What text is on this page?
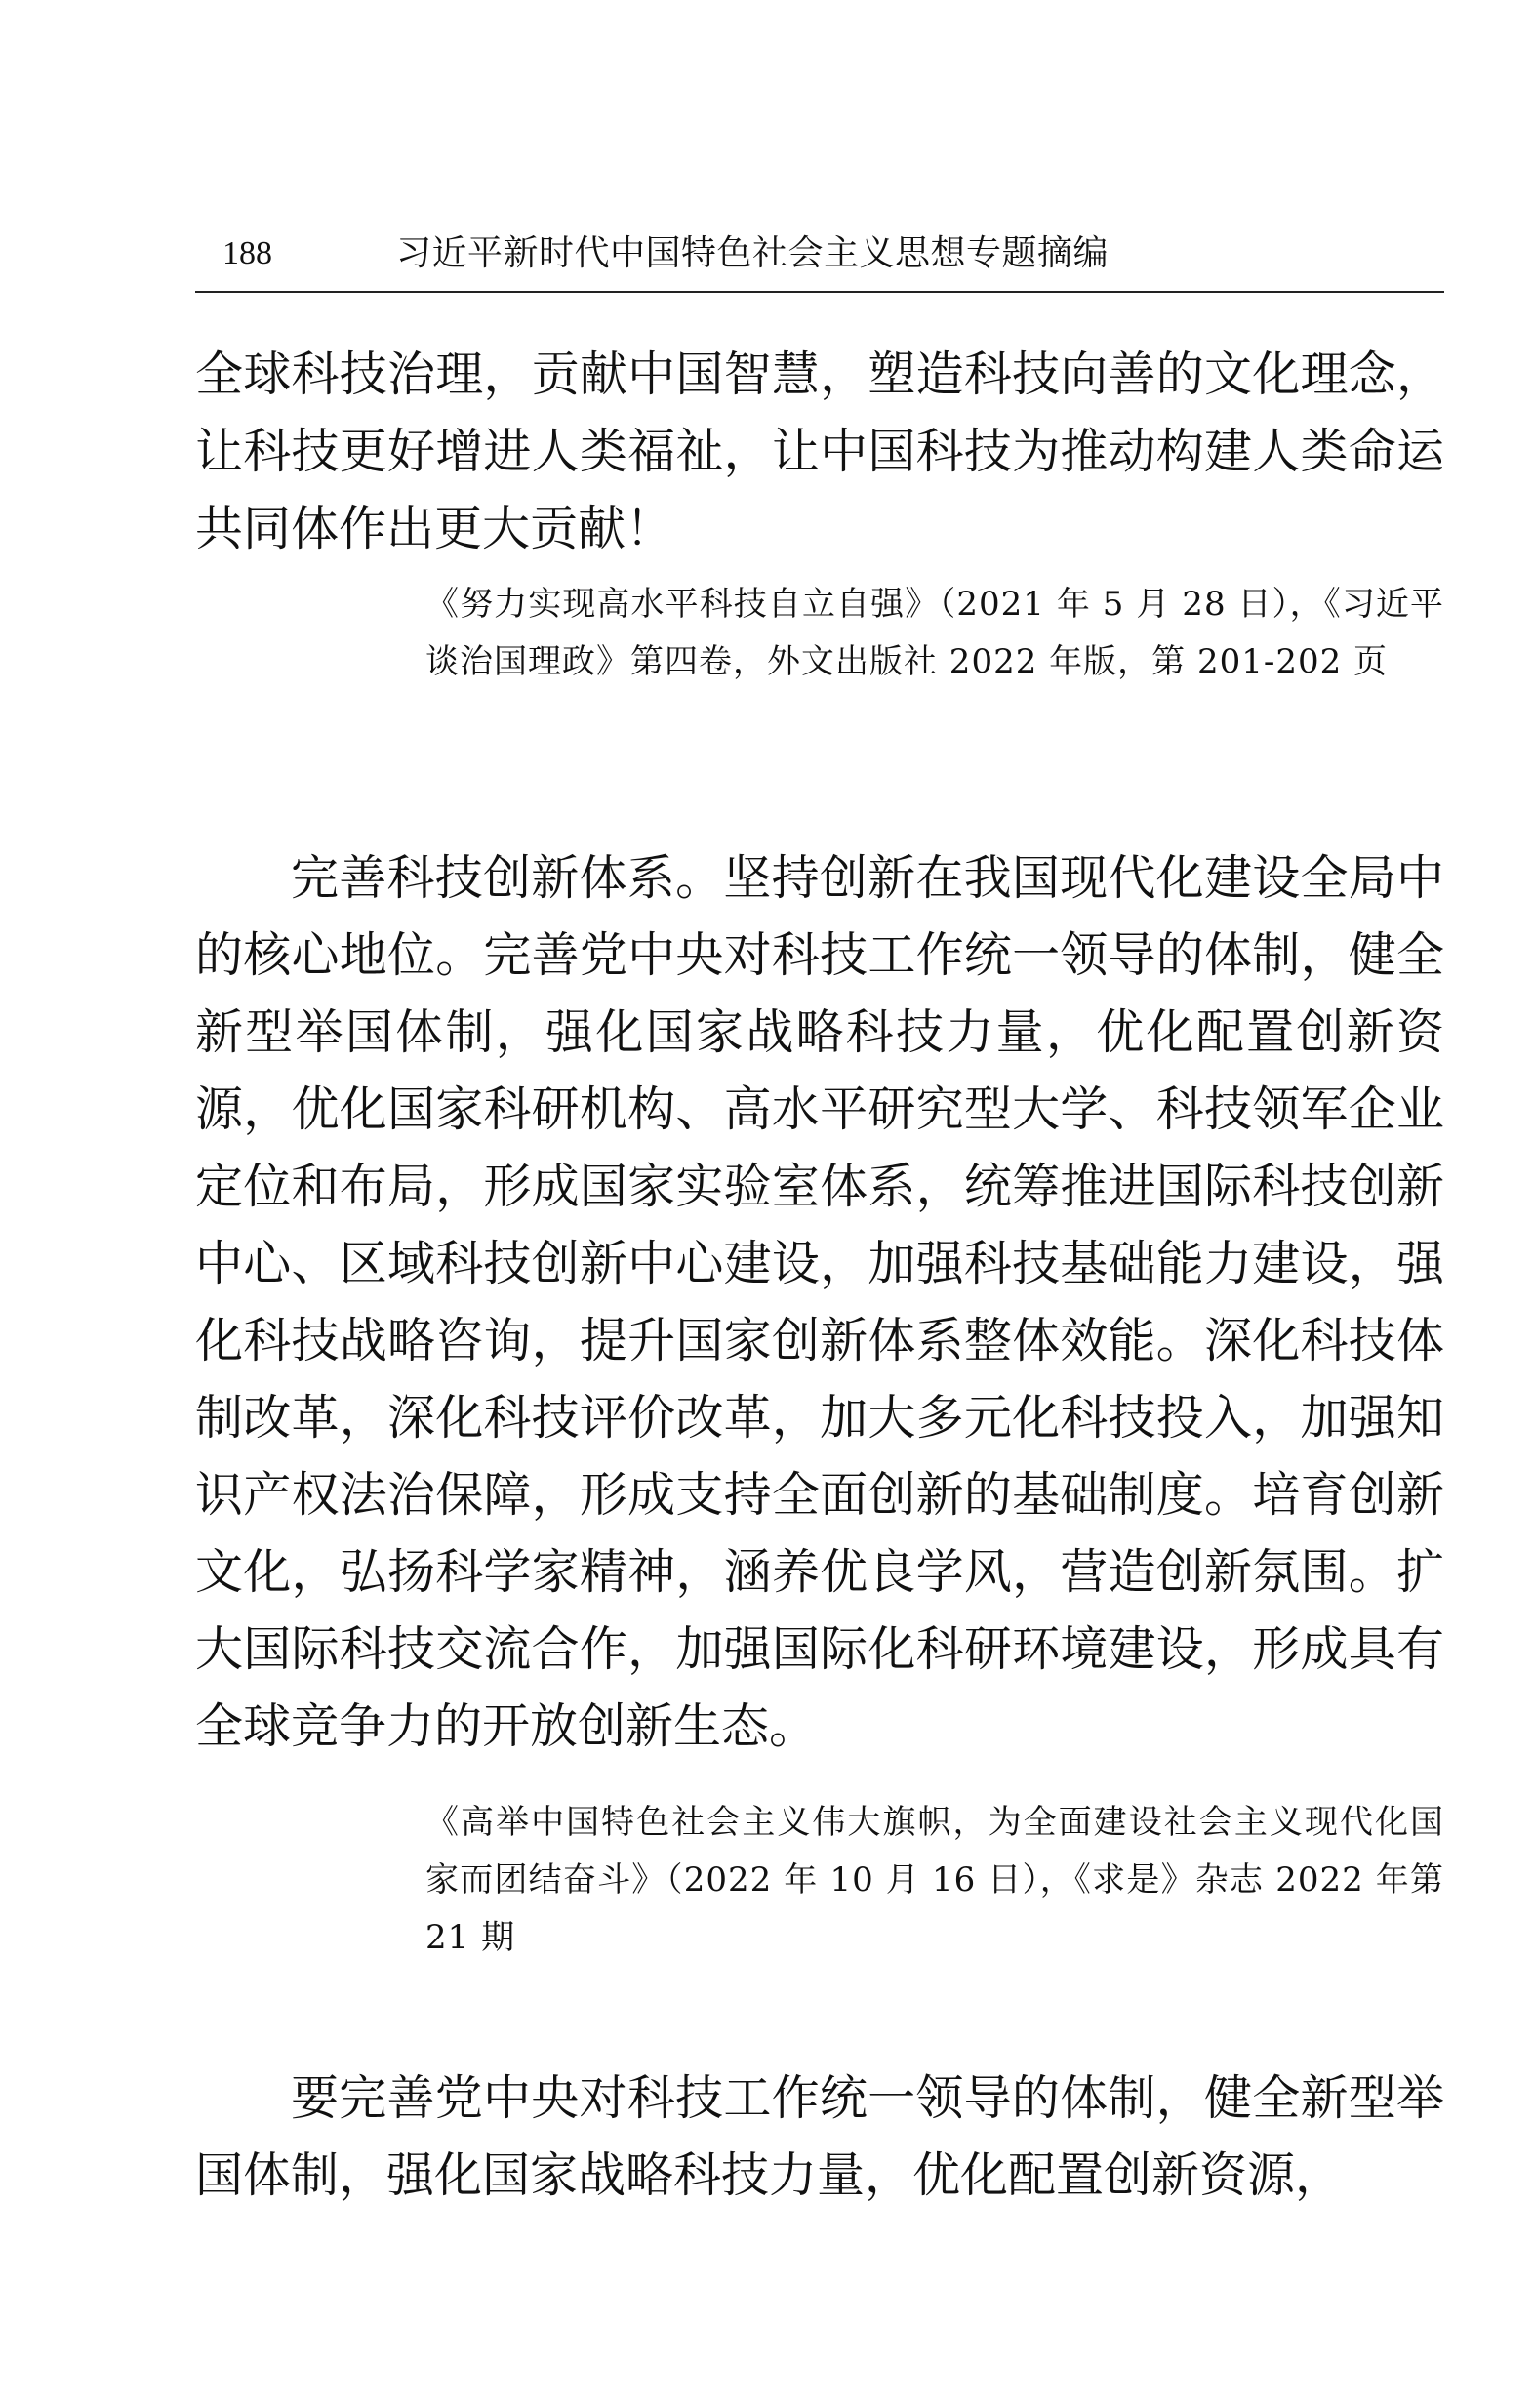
188	习近平新时代中国特色社会主义思想专题摘编

全球科技治理，贡献中国智慧，塑造科技向善的文化理念，让科技更好增进人类福祉，让中国科技为推动构建人类命运共同体作出更大贡献！

《努力实现高水平科技自立自强》（2021 年 5 月 28 日），《习近平谈治国理政》第四卷，外文出版社 2022 年版，第 201-202 页

完善科技创新体系。坚持创新在我国现代化建设全局中的核心地位。完善党中央对科技工作统一领导的体制，健全新型举国体制，强化国家战略科技力量，优化配置创新资源，优化国家科研机构、高水平研究型大学、科技领军企业定位和布局，形成国家实验室体系，统筹推进国际科技创新中心、区域科技创新中心建设，加强科技基础能力建设，强化科技战略咨询，提升国家创新体系整体效能。深化科技体制改革，深化科技评价改革，加大多元化科技投入，加强知识产权法治保障，形成支持全面创新的基础制度。培育创新文化，弘扬科学家精神，涵养优良学风，营造创新氛围。扩大国际科技交流合作，加强国际化科研环境建设，形成具有全球竞争力的开放创新生态。

《高举中国特色社会主义伟大旗帜，为全面建设社会主义现代化国家而团结奋斗》（2022 年 10 月 16 日），《求是》杂志 2022 年第 21 期

要完善党中央对科技工作统一领导的体制，健全新型举国体制，强化国家战略科技力量，优化配置创新资源，
